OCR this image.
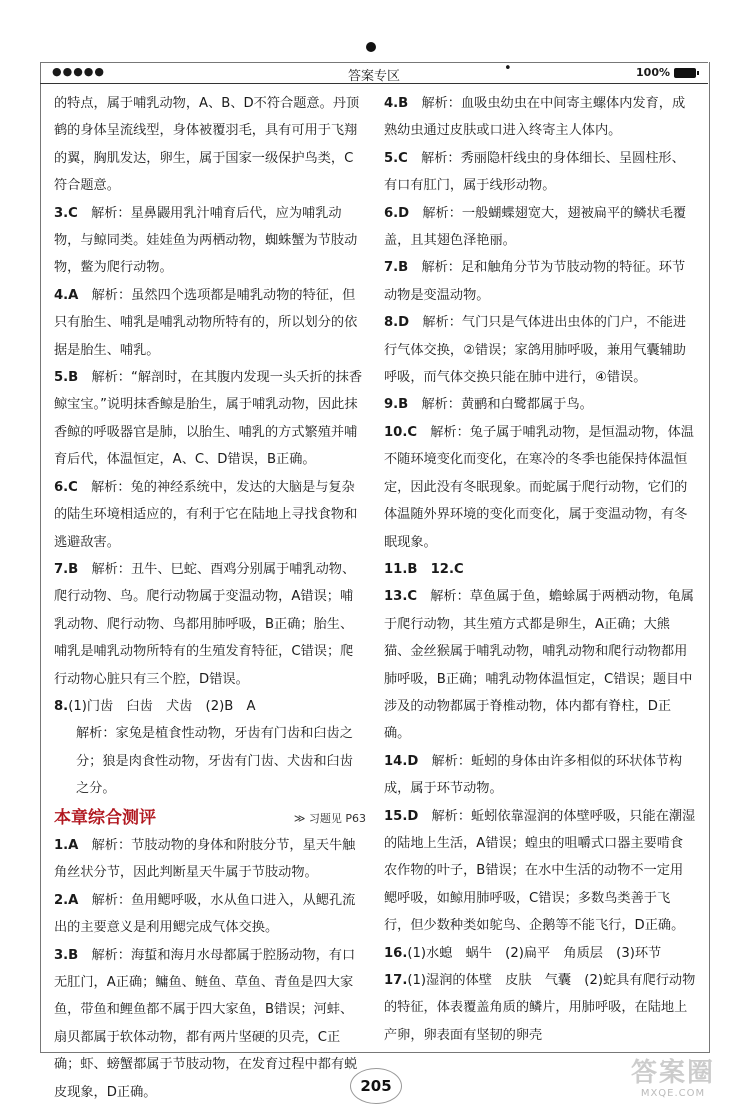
●●●●●	答案专区
•	100%

的特点，属于哺乳动物，A、B、D不符合题意。丹顶鹤的身体呈流线型，身体被覆羽毛，具有可用于飞翔的翼，胸肌发达，卵生，属于国家一级保护鸟类，C符合题意。

3.C　 解析：星鼻鼹用乳汁哺育后代，应为哺乳动物，与鲸同类。娃娃鱼为两栖动物，蜘蛛蟹为节肢动物，鳖为爬行动物。

4.A　 解析：虽然四个选项都是哺乳动物的特征，但只有胎生、哺乳是哺乳动物所特有的，所以划分的依据是胎生、哺乳。

5.B　 解析：“解剖时，在其腹内发现一头夭折的抹香鲸宝宝。”说明抹香鲸是胎生，属于哺乳动物，因此抹香鲸的呼吸器官是肺，以胎生、哺乳的方式繁殖并哺育后代，体温恒定，A、C、D错误，B正确。

6.C　 解析：兔的神经系统中，发达的大脑是与复杂的陆生环境相适应的，有利于它在陆地上寻找食物和逃避敌害。

7.B　 解析：丑牛、巳蛇、酉鸡分别属于哺乳动物、爬行动物、鸟。爬行动物属于变温动物，A错误；哺乳动物、爬行动物、鸟都用肺呼吸，B正确；胎生、哺乳是哺乳动物所特有的生殖发育特征，C错误；爬行动物心脏只有三个腔，D错误。

8.(1)门齿　臼齿　犬齿　(2)B　A

解析：家兔是植食性动物，牙齿有门齿和臼齿之分；狼是肉食性动物，牙齿有门齿、犬齿和臼齿之分。

本章综合测评	≫ 习题见 P63

1.A　 解析：节肢动物的身体和附肢分节，星天牛触角丝状分节，因此判断星天牛属于节肢动物。

2.A　 解析：鱼用鳃呼吸，水从鱼口进入，从鳃孔流出的主要意义是利用鳃完成气体交换。

3.B　 解析：海蜇和海月水母都属于腔肠动物，有口无肛门，A正确；鳙鱼、鲢鱼、草鱼、青鱼是四大家鱼，带鱼和鲤鱼都不属于四大家鱼，B错误；河蚌、扇贝都属于软体动物，都有两片坚硬的贝壳，C正确；虾、螃蟹都属于节肢动物，在发育过程中都有蜕皮现象，D正确。

4.B　 解析：血吸虫幼虫在中间寄主螺体内发育，成熟幼虫通过皮肤或口进入终寄主人体内。

5.C　 解析：秀丽隐杆线虫的身体细长、呈圆柱形、有口有肛门，属于线形动物。

6.D　 解析：一般蝴蝶翅宽大，翅被扁平的鳞状毛覆盖，且其翅色泽艳丽。

7.B　 解析：足和触角分节为节肢动物的特征。环节动物是变温动物。

8.D　 解析：气门只是气体进出虫体的门户，不能进行气体交换，②错误；家鸽用肺呼吸，兼用气囊辅助呼吸，而气体交换只能在肺中进行，④错误。

9.B　 解析：黄鹂和白鹭都属于鸟。

10.C　 解析：兔子属于哺乳动物，是恒温动物，体温不随环境变化而变化，在寒冷的冬季也能保持体温恒定，因此没有冬眠现象。而蛇属于爬行动物，它们的体温随外界环境的变化而变化，属于变温动物，有冬眠现象。

11.B　12.C

13.C　 解析：草鱼属于鱼，蟾蜍属于两栖动物，龟属于爬行动物，其生殖方式都是卵生，A正确；大熊猫、金丝猴属于哺乳动物，哺乳动物和爬行动物都用肺呼吸，B正确；哺乳动物体温恒定，C错误；题目中涉及的动物都属于脊椎动物，体内都有脊柱，D正确。

14.D　 解析：蚯蚓的身体由许多相似的环状体节构成，属于环节动物。

15.D　 解析：蚯蚓依靠湿润的体壁呼吸，只能在潮湿的陆地上生活，A错误；蝗虫的咀嚼式口器主要啃食农作物的叶子，B错误；在水中生活的动物不一定用鳃呼吸，如鲸用肺呼吸，C错误；多数鸟类善于飞行，但少数种类如鸵鸟、企鹅等不能飞行，D正确。

16.(1)水螅　蜗牛　(2)扁平　角质层　(3)环节

17.(1)湿润的体壁　皮肤　气囊　(2)蛇具有爬行动物的特征，体表覆盖角质的鳞片，用肺呼吸，在陆地上产卵，卵表面有坚韧的卵壳

205	答案圈
MXQE.COM
